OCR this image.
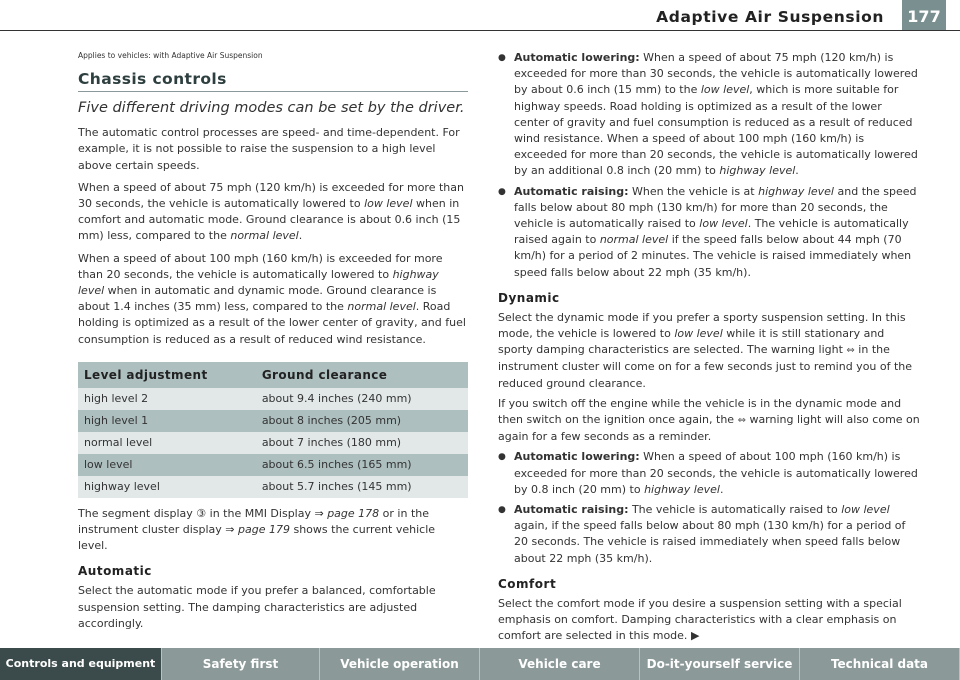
Adaptive Air Suspension	177

Applies to vehicles: with Adaptive Air Suspension

Chassis controls
Five different driving modes can be set by the driver.

The automatic control processes are speed- and time-dependent. For example, it is not possible to raise the suspension to a high level above certain speeds.

When a speed of about 75 mph (120 km/h) is exceeded for more than 30 seconds, the vehicle is automatically lowered to low level when in comfort and automatic mode. Ground clearance is about 0.6 inch (15 mm) less, compared to the normal level.

When a speed of about 100 mph (160 km/h) is exceeded for more than 20 seconds, the vehicle is automatically lowered to highway level when in automatic and dynamic mode. Ground clearance is about 1.4 inches (35 mm) less, compared to the normal level. Road holding is optimized as a result of the lower center of gravity, and fuel consumption is reduced as a result of reduced wind resistance.

Level adjustment	Ground clearance
high level 2	about 9.4 inches (240 mm)
high level 1	about 8 inches (205 mm)
normal level	about 7 inches (180 mm)
low level	about 6.5 inches (165 mm)
highway level	about 5.7 inches (145 mm)

The segment display ③ in the MMI Display ⇒ page 178 or in the instrument cluster display ⇒ page 179 shows the current vehicle level.

Automatic

Select the automatic mode if you prefer a balanced, comfortable suspension setting. The damping characteristics are adjusted accordingly.

● Automatic lowering: When a speed of about 75 mph (120 km/h) is exceeded for more than 30 seconds, the vehicle is automatically lowered by about 0.6 inch (15 mm) to the low level, which is more suitable for highway speeds. Road holding is optimized as a result of the lower center of gravity and fuel consumption is reduced as a result of reduced wind resistance. When a speed of about 100 mph (160 km/h) is exceeded for more than 20 seconds, the vehicle is automatically lowered by an additional 0.8 inch (20 mm) to highway level.

● Automatic raising: When the vehicle is at highway level and the speed falls below about 80 mph (130 km/h) for more than 20 seconds, the vehicle is automatically raised to low level. The vehicle is automatically raised again to normal level if the speed falls below about 44 mph (70 km/h) for a period of 2 minutes. The vehicle is raised immediately when speed falls below about 22 mph (35 km/h).

Dynamic

Select the dynamic mode if you prefer a sporty suspension setting. In this mode, the vehicle is lowered to low level while it is still stationary and sporty damping characteristics are selected. The warning light ⇔ in the instrument cluster will come on for a few seconds just to remind you of the reduced ground clearance.

If you switch off the engine while the vehicle is in the dynamic mode and then switch on the ignition once again, the ⇔ warning light will also come on again for a few seconds as a reminder.

● Automatic lowering: When a speed of about 100 mph (160 km/h) is exceeded for more than 20 seconds, the vehicle is automatically lowered by 0.8 inch (20 mm) to highway level.

● Automatic raising: The vehicle is automatically raised to low level again, if the speed falls below about 80 mph (130 km/h) for a period of 20 seconds. The vehicle is raised immediately when speed falls below about 22 mph (35 km/h).

Comfort

Select the comfort mode if you desire a suspension setting with a special emphasis on comfort. Damping characteristics with a clear emphasis on comfort are selected in this mode. ▶

Controls and equipment	Safety first	Vehicle operation	Vehicle care	Do-it-yourself service	Technical data
